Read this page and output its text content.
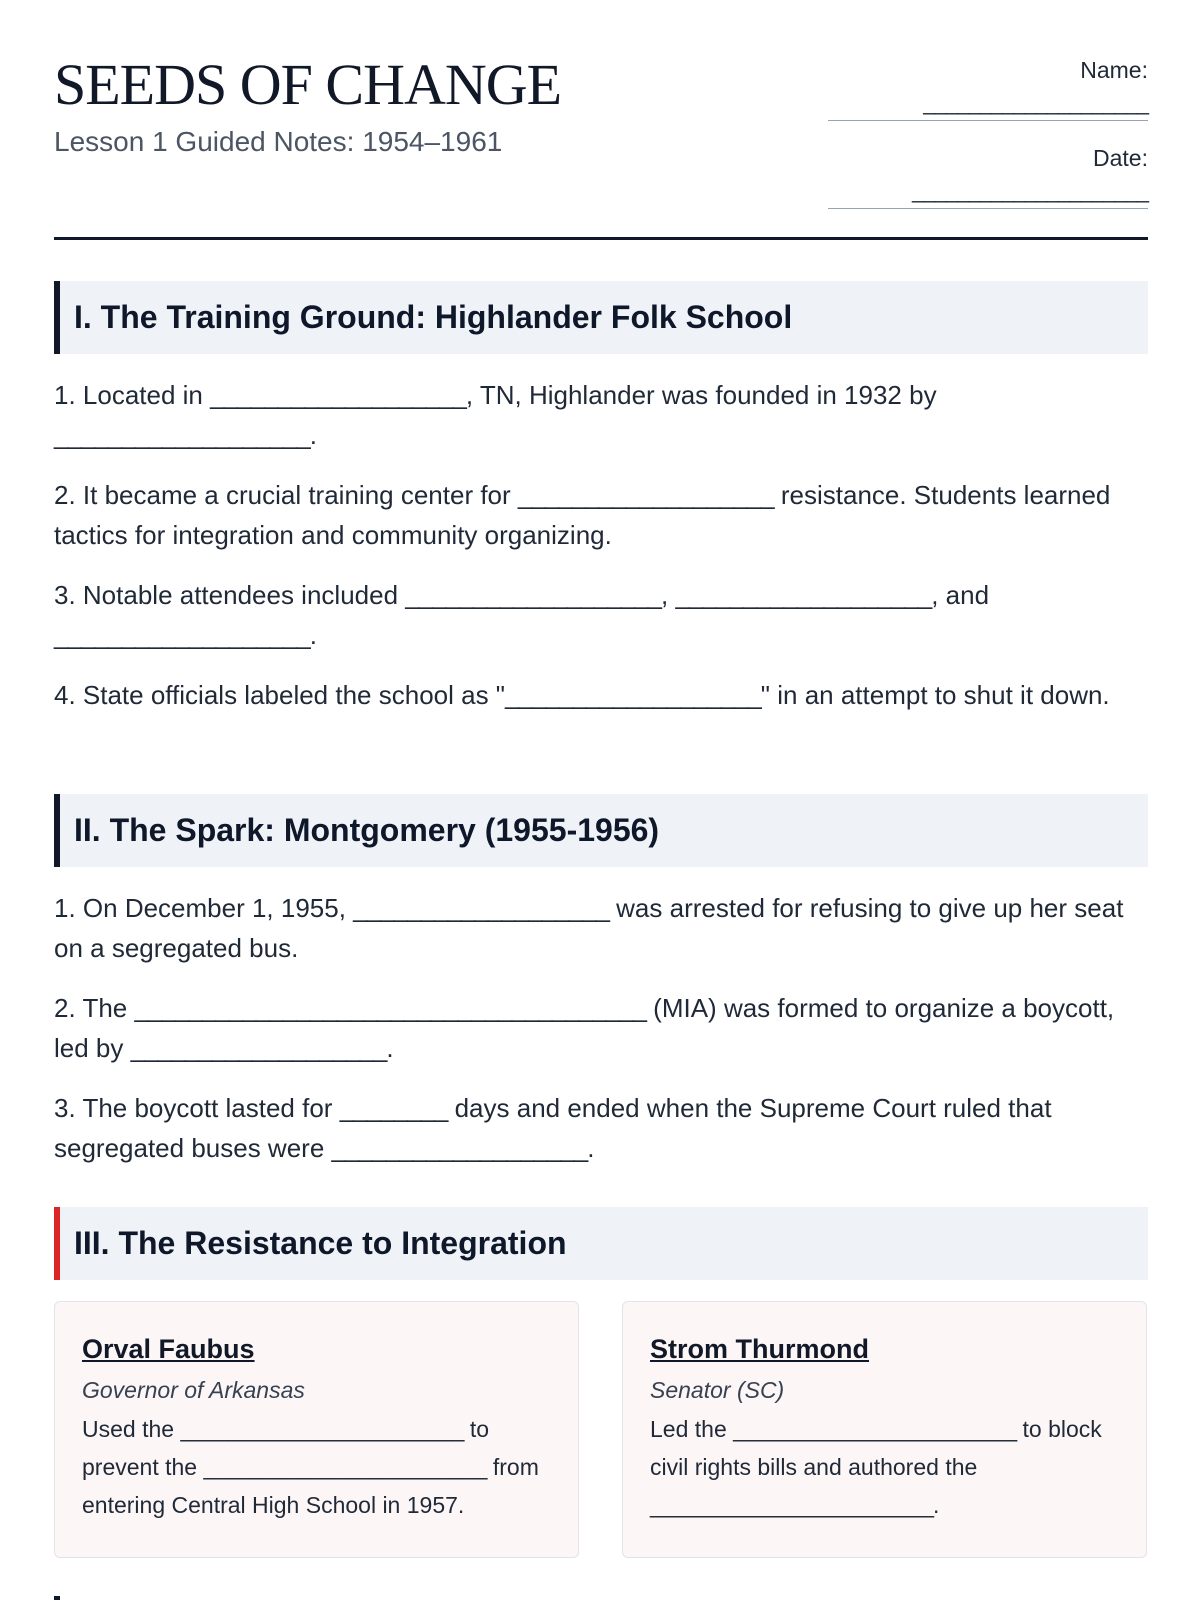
SEEDS OF CHANGE
Lesson 1 Guided Notes: 1954–1961
Name:
____________________
Date:
_____________________
I. The Training Ground: Highlander Folk School

1. Located in ___________________, TN, Highlander was founded in 1932 by ___________________.

2. It became a crucial training center for ___________________ resistance. Students learned tactics for integration and community organizing.

3. Notable attendees included ___________________, ___________________, and ___________________.

4. State officials labeled the school as "___________________" in an attempt to shut it down.

II. The Spark: Montgomery (1955-1956)

1. On December 1, 1955, ___________________ was arrested for refusing to give up her seat on a segregated bus.

2. The ______________________________________ (MIA) was formed to organize a boycott, led by ___________________.

3. The boycott lasted for ________ days and ended when the Supreme Court ruled that segregated buses were ___________________.

III. The Resistance to Integration
Orval Faubus
Governor of Arkansas
Used the ________________________ to prevent the ________________________ from entering Central High School in 1957.
Strom Thurmond
Senator (SC)
Led the ________________________ to block civil rights bills and authored the ________________________.
